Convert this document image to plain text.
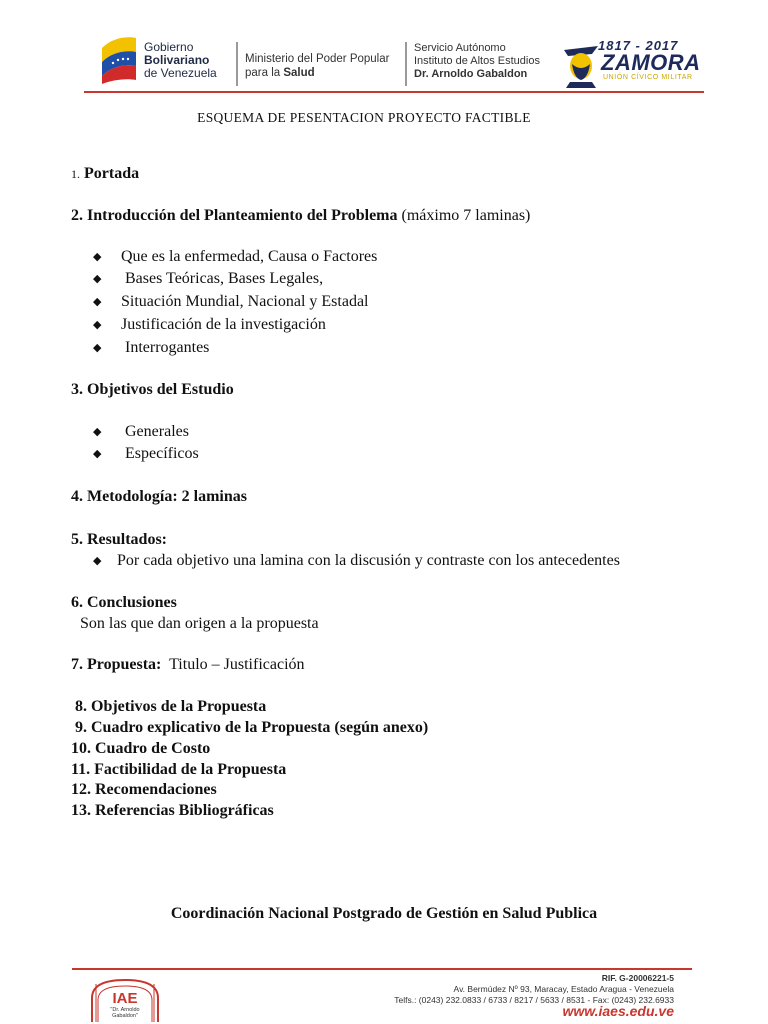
Gobierno
Bolivariano
de Venezuela
Ministerio del Poder Popular
para la Salud
Servicio Autónomo
Instituto de Altos Estudios
Dr. Arnoldo Gabaldon
1817 - 2017
ZAMORA
UNIÓN CÍVICO MILITAR
ESQUEMA DE PESENTACION PROYECTO FACTIBLE
1. Portada
2. Introducción del Planteamiento del Problema (máximo 7 laminas)
◆ Que es la enfermedad, Causa o Factores
◆ Bases Teóricas, Bases Legales,
◆ Situación Mundial, Nacional y Estadal
◆ Justificación de la investigación
◆ Interrogantes
3. Objetivos del Estudio
◆ Generales
◆ Específicos
4. Metodología: 2 laminas
5. Resultados:
◆ Por cada objetivo una lamina con la discusión y contraste con los antecedentes
6. Conclusiones
Son las que dan origen a la propuesta
7. Propuesta: Titulo – Justificación
8. Objetivos de la Propuesta
9. Cuadro explicativo de la Propuesta (según anexo)
10. Cuadro de Costo
11. Factibilidad de la Propuesta
12. Recomendaciones
13. Referencias Bibliográficas
Coordinación Nacional Postgrado de Gestión en Salud Publica
IAE
"Dr. Arnoldo
Gabaldon"
RIF. G-20006221-5
Av. Bermúdez Nº 93, Maracay, Estado Aragua - Venezuela
Telfs.: (0243) 232.0833 / 6733 / 8217 / 5633 / 8531 - Fax: (0243) 232.6933
www.iaes.edu.ve
